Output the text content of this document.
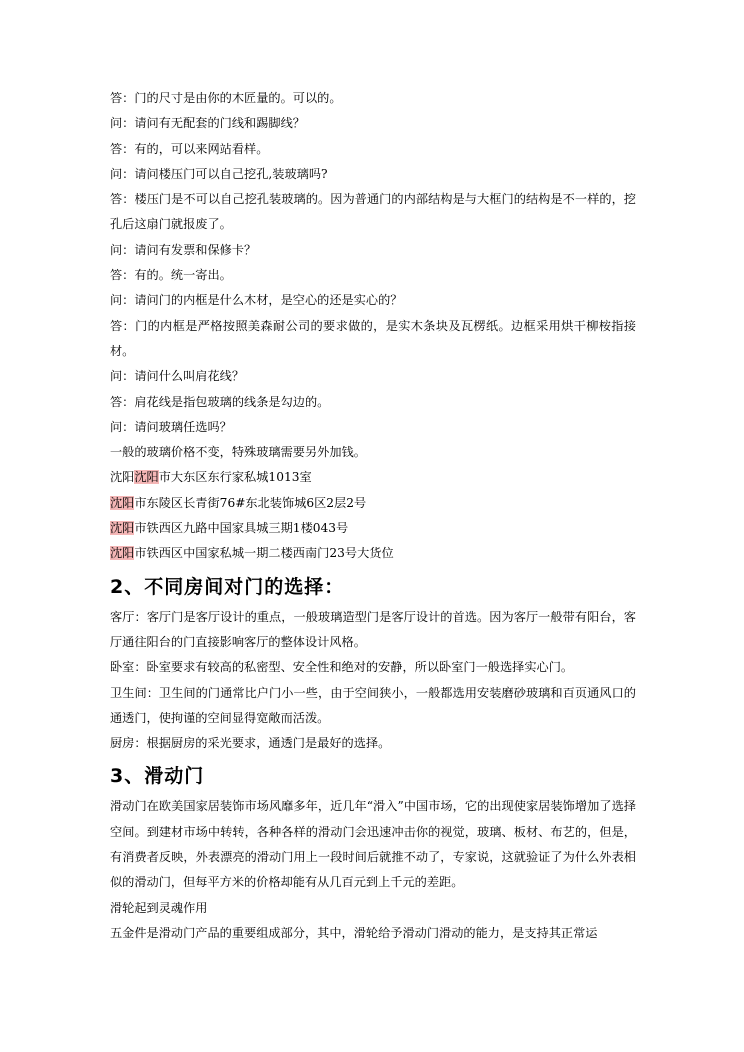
答：门的尺寸是由你的木匠量的。可以的。
问：请问有无配套的门线和踢脚线？
答：有的，可以来网站看样。
问：请问楼压门可以自己挖孔,装玻璃吗?
答：楼压门是不可以自己挖孔装玻璃的。因为普通门的内部结构是与大框门的结构是不一样的，挖孔后这扇门就报废了。
问：请问有发票和保修卡？
答：有的。统一寄出。
问：请问门的内框是什么木材，是空心的还是实心的？
答：门的内框是严格按照美森耐公司的要求做的，是实木条块及瓦楞纸。边框采用烘干柳桉指接材。
问：请问什么叫肩花线？
答：肩花线是指包玻璃的线条是勾边的。
问：请问玻璃任选吗？
一般的玻璃价格不变，特殊玻璃需要另外加钱。
沈阳沈阳市大东区东行家私城1013室
沈阳市东陵区长青街76#东北装饰城6区2层2号
沈阳市铁西区九路中国家具城三期1楼043号
沈阳市铁西区中国家私城一期二楼西南门23号大货位
2、不同房间对门的选择：
客厅：客厅门是客厅设计的重点，一般玻璃造型门是客厅设计的首选。因为客厅一般带有阳台，客厅通往阳台的门直接影响客厅的整体设计风格。
卧室：卧室要求有较高的私密型、安全性和绝对的安静，所以卧室门一般选择实心门。
卫生间：卫生间的门通常比户门小一些，由于空间狭小，一般都选用安装磨砂玻璃和百页通风口的通透门，使拘谨的空间显得宽敞而活泼。
厨房：根据厨房的采光要求，通透门是最好的选择。
3、滑动门
滑动门在欧美国家居装饰市场风靡多年，近几年“滑入”中国市场，它的出现使家居装饰增加了选择空间。到建材市场中转转，各种各样的滑动门会迅速冲击你的视觉，玻璃、板材、布艺的，但是，有消费者反映，外表漂亮的滑动门用上一段时间后就推不动了，专家说，这就验证了为什么外表相似的滑动门，但每平方米的价格却能有从几百元到上千元的差距。
滑轮起到灵魂作用
五金件是滑动门产品的重要组成部分，其中，滑轮给予滑动门滑动的能力，是支持其正常运
